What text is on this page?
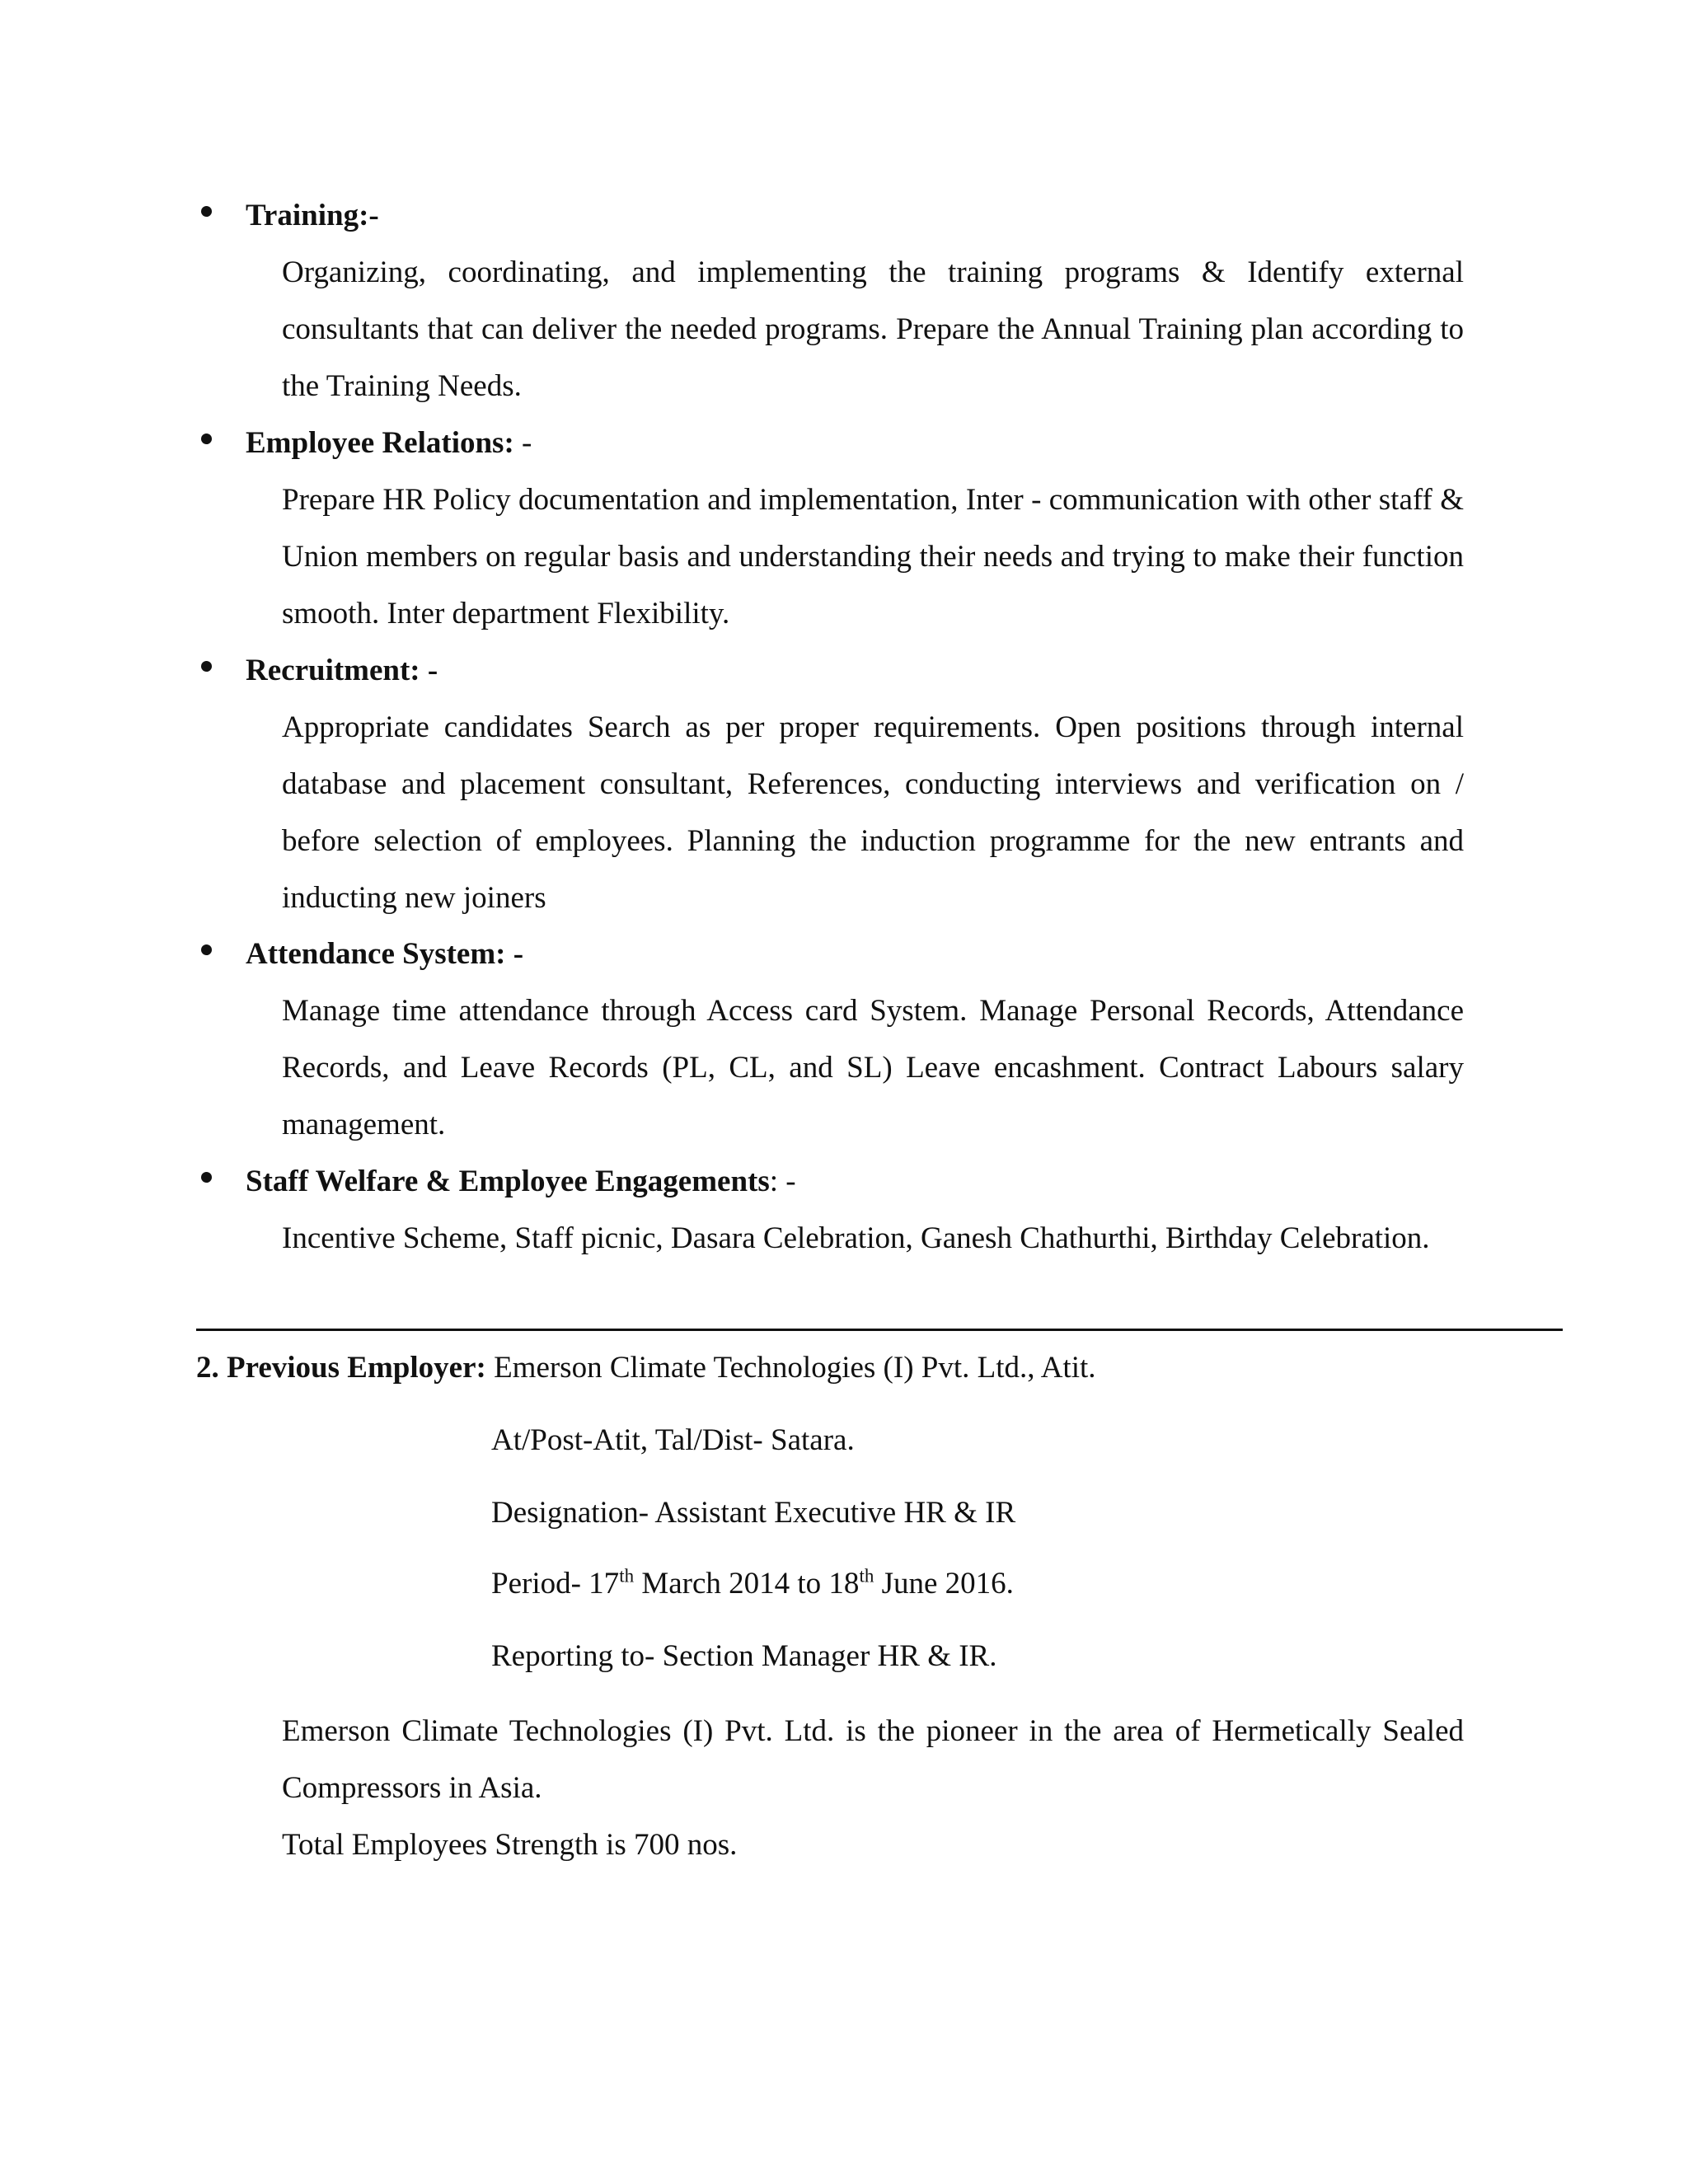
Training:-
Organizing, coordinating, and implementing the training programs & Identify external consultants that can deliver the needed programs. Prepare the Annual Training plan according to the Training Needs.
Employee Relations: -
Prepare HR Policy documentation and implementation, Inter - communication with other staff & Union members on regular basis and understanding their needs and trying to make their function smooth. Inter department Flexibility.
Recruitment: -
Appropriate candidates Search as per proper requirements. Open positions through internal database and placement consultant, References, conducting interviews and verification on / before selection of employees. Planning the induction programme for the new entrants and inducting new joiners
Attendance System: -
Manage time attendance through Access card System. Manage Personal Records, Attendance Records, and Leave Records (PL, CL, and SL) Leave encashment. Contract Labours salary management.
Staff Welfare & Employee Engagements: -
Incentive Scheme, Staff picnic, Dasara Celebration, Ganesh Chathurthi, Birthday Celebration.
2. Previous Employer: Emerson Climate Technologies (I) Pvt. Ltd., Atit.
At/Post-Atit, Tal/Dist- Satara.
Designation- Assistant Executive HR & IR
Period- 17th March 2014 to 18th June 2016.
Reporting to- Section Manager HR & IR.
Emerson Climate Technologies (I) Pvt. Ltd. is the pioneer in the area of Hermetically Sealed Compressors in Asia.
Total Employees Strength is 700 nos.
